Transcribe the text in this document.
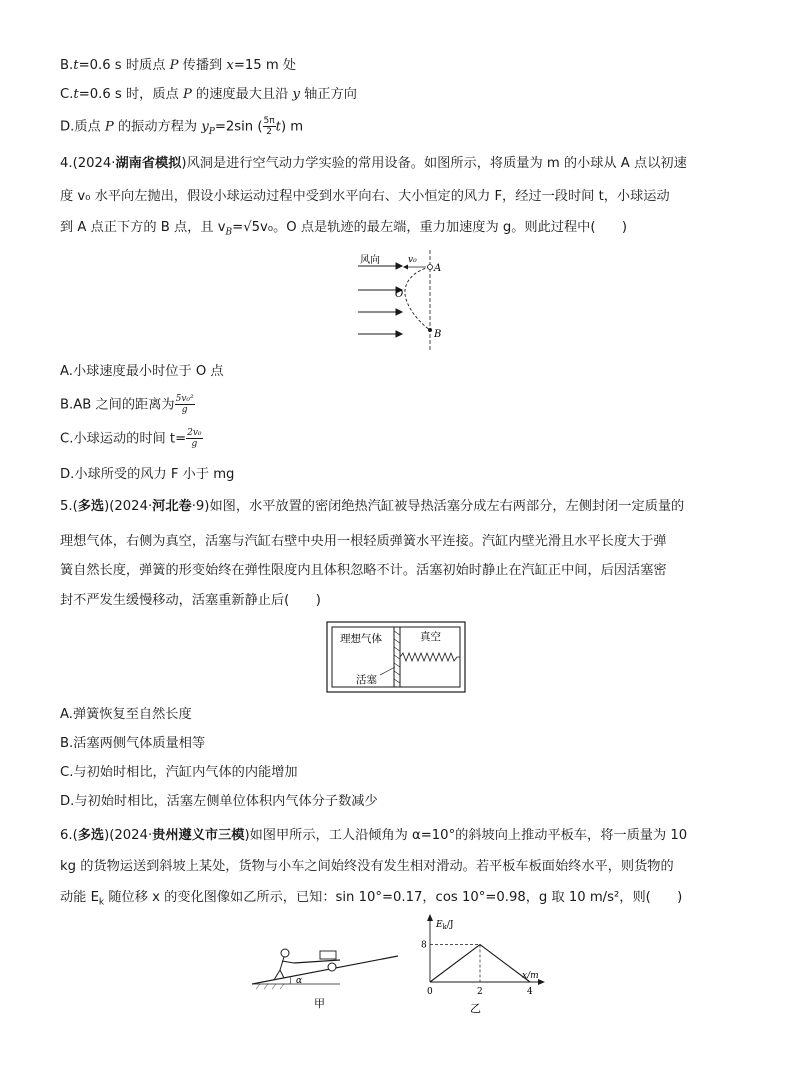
B.t=0.6 s 时质点 P 传播到 x=15 m 处
C.t=0.6 s 时，质点 P 的速度最大且沿 y 轴正方向
D.质点 P 的振动方程为 $y_P=2\sin$ ( $\frac{5\pi}{2} t$) m
4.(2024·湖南省模拟)风洞是进行空气动力学实验的常用设备。如图所示，将质量为 m 的小球从 A 点以初速
度 v₀ 水平向左抛出，假设小球运动过程中受到水平向右、大小恒定的风力 F，经过一段时间 t，小球运动
到 A 点正下方的 B 点，且 $v_B=√5v_0$。O 点是轨迹的最左端，重力加速度为 g。则此过程中(　　)
风向	v₀
A
O
B
A.小球速度最小时位于 O 点
B.AB 之间的距离为 $\frac{\text{5v₀²}}{g}$
C.小球运动的时间 $t= \frac{\text{2v₀}}{g}$
D.小球所受的风力 F 小于 mg
5.(多选)(2024·河北卷·9)如图，水平放置的密闭绝热汽缸被导热活塞分成左右两部分，左侧封闭一定质量的
理想气体，右侧为真空，活塞与汽缸右壁中央用一根轻质弹簧水平连接。汽缸内壁光滑且水平长度大于弹
簧自然长度，弹簧的形变始终在弹性限度内且体积忽略不计。活塞初始时静止在汽缸正中间，后因活塞密
封不严发生缓慢移动，活塞重新静止后(　　)
理想气体	真空
活塞
A.弹簧恢复至自然长度
B.活塞两侧气体质量相等
C.与初始时相比，汽缸内气体的内能增加
D.与初始时相比，活塞左侧单位体积内气体分子数减少
6.(多选)(2024·贵州遵义市三模)如图甲所示，工人沿倾角为 α=10°的斜坡向上推动平板车，将一质量为 10
kg 的货物运送到斜坡上某处，货物与小车之间始终没有发生相对滑动。若平板车板面始终水平，则货物的
动能 $E_k$ 随位移 x 的变化图像如乙所示，已知：sin 10°=0.17，cos 10°=0.98，g 取 10 m/s²，则(　　)
α
甲
$E_k/J$
x/m
0	2	4
8
乙
